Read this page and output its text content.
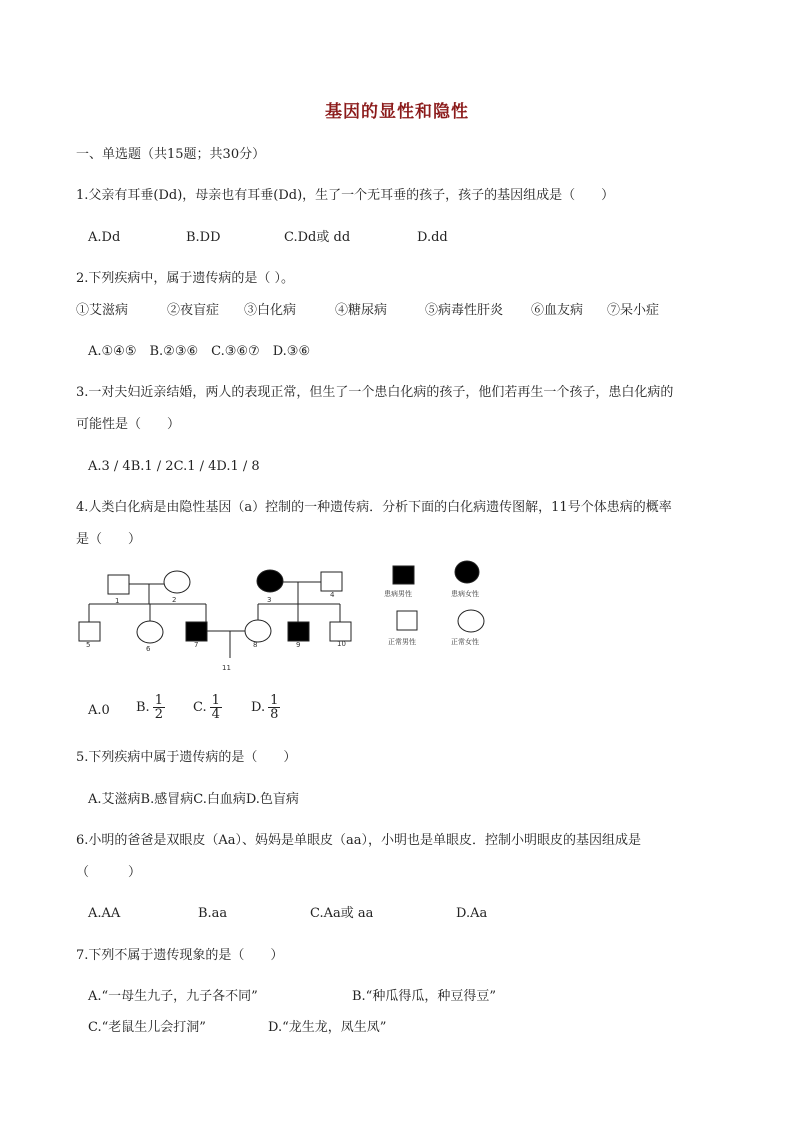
基因的显性和隐性
一、单选题（共15题；共30分）
1.父亲有耳垂(Dd)，母亲也有耳垂(Dd)，生了一个无耳垂的孩子，孩子的基因组成是（　　）
A.Dd	B.DD	C.Dd或 dd	D.dd
2.下列疾病中，属于遗传病的是（ ）。
①艾滋病	②夜盲症 ③白化病	④糖尿病	⑤病毒性肝炎 ⑥血友病 ⑦呆小症
A.①④⑤　B.②③⑥　C.③⑥⑦　D.③⑥
3.一对夫妇近亲结婚，两人的表现正常，但生了一个患白化病的孩子，他们若再生一个孩子，患白化病的
可能性是（　　）
A.3 / 4B.1 / 2C.1 / 4D.1 / 8
4.人类白化病是由隐性基因（a）控制的一种遗传病．分析下面的白化病遗传图解，11号个体患病的概率
是（　　）
1	2	3
4
5	6	7	8	9	10
11
患病男性	患病女性
正常男性	正常女性
A.0 B. $\frac{1}{2} C$. $\frac{1}{4} D$. $\frac{1}{8}$
5.下列疾病中属于遗传病的是（　　）
A.艾滋病B.感冒病C.白血病D.色盲病
6.小明的爸爸是双眼皮（Aa）、妈妈是单眼皮（aa），小明也是单眼皮．控制小明眼皮的基因组成是
（　　　）
A.AA	B.aa	C.Aa或 aa	D.Aa
7.下列不属于遗传现象的是（　　）
A.“一母生九子，九子各不同”	B.“种瓜得瓜，种豆得豆”
C.“老鼠生儿会打洞”	D.“龙生龙，凤生凤”
